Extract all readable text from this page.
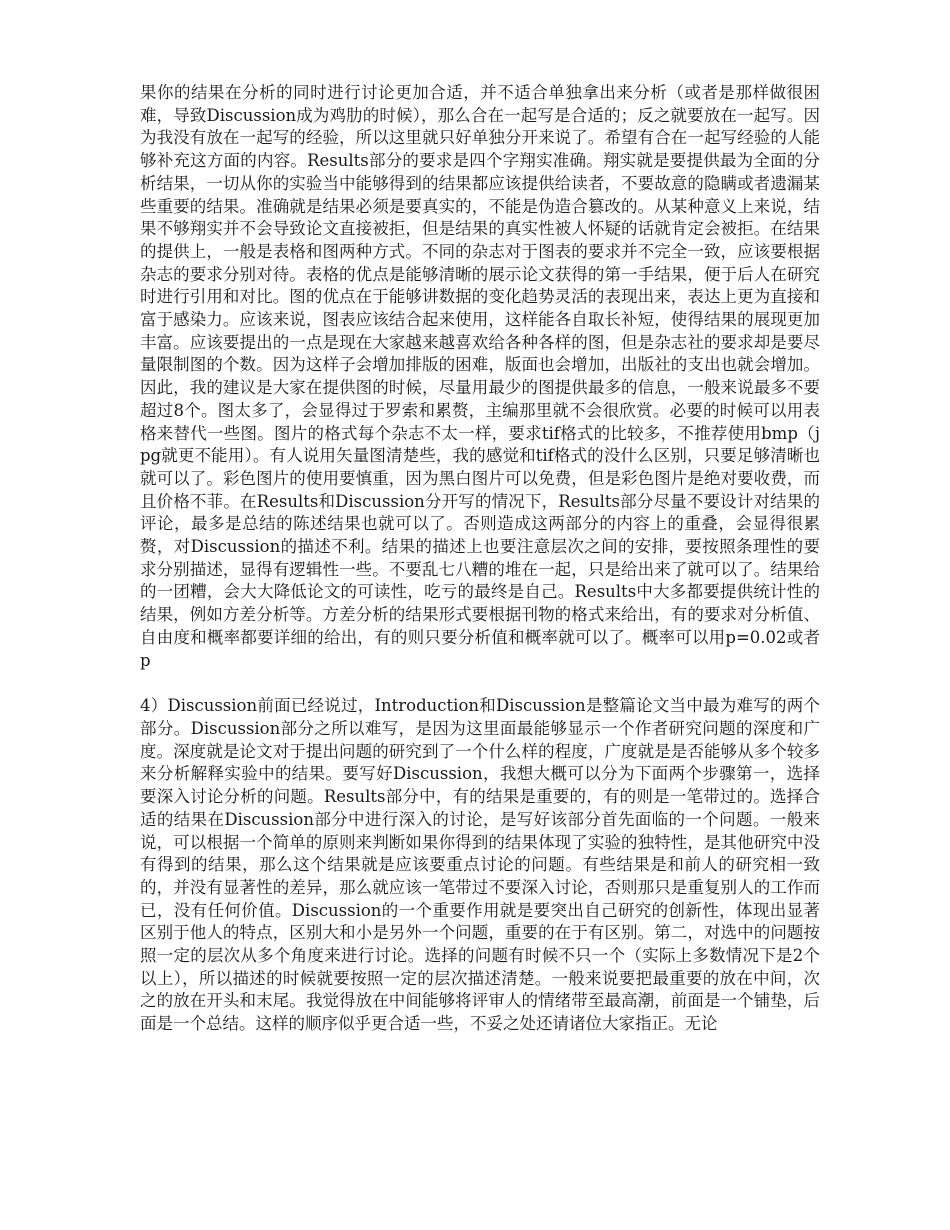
果你的结果在分析的同时进行讨论更加合适，并不适合单独拿出来分析（或者是那样做很困难，导致Discussion成为鸡肋的时候），那么合在一起写是合适的；反之就要放在一起写。因为我没有放在一起写的经验，所以这里就只好单独分开来说了。希望有合在一起写经验的人能够补充这方面的内容。Results部分的要求是四个字翔实准确。翔实就是要提供最为全面的分析结果，一切从你的实验当中能够得到的结果都应该提供给读者，不要故意的隐瞒或者遗漏某些重要的结果。准确就是结果必须是要真实的，不能是伪造合篡改的。从某种意义上来说，结果不够翔实并不会导致论文直接被拒，但是结果的真实性被人怀疑的话就肯定会被拒。在结果的提供上，一般是表格和图两种方式。不同的杂志对于图表的要求并不完全一致，应该要根据杂志的要求分别对待。表格的优点是能够清晰的展示论文获得的第一手结果，便于后人在研究时进行引用和对比。图的优点在于能够讲数据的变化趋势灵活的表现出来，表达上更为直接和富于感染力。应该来说，图表应该结合起来使用，这样能各自取长补短，使得结果的展现更加丰富。应该要提出的一点是现在大家越来越喜欢给各种各样的图，但是杂志社的要求却是要尽量限制图的个数。因为这样子会增加排版的困难，版面也会增加，出版社的支出也就会增加。因此，我的建议是大家在提供图的时候，尽量用最少的图提供最多的信息，一般来说最多不要超过8个。图太多了，会显得过于罗索和累赘，主编那里就不会很欣赏。必要的时候可以用表格来替代一些图。图片的格式每个杂志不太一样，要求tif格式的比较多，不推荐使用bmp（jpg就更不能用）。有人说用矢量图清楚些，我的感觉和tif格式的没什么区别，只要足够清晰也就可以了。彩色图片的使用要慎重，因为黑白图片可以免费，但是彩色图片是绝对要收费，而且价格不菲。在Results和Discussion分开写的情况下，Results部分尽量不要设计对结果的评论，最多是总结的陈述结果也就可以了。否则造成这两部分的内容上的重叠，会显得很累赘，对Discussion的描述不利。结果的描述上也要注意层次之间的安排，要按照条理性的要求分别描述，显得有逻辑性一些。不要乱七八糟的堆在一起，只是给出来了就可以了。结果给的一团糟，会大大降低论文的可读性，吃亏的最终是自己。Results中大多都要提供统计性的结果，例如方差分析等。方差分析的结果形式要根据刊物的格式来给出，有的要求对分析值、自由度和概率都要详细的给出，有的则只要分析值和概率就可以了。概率可以用p=0.02或者p

4）Discussion前面已经说过，Introduction和Discussion是整篇论文当中最为难写的两个部分。Discussion部分之所以难写，是因为这里面最能够显示一个作者研究问题的深度和广度。深度就是论文对于提出问题的研究到了一个什么样的程度，广度就是是否能够从多个较多来分析解释实验中的结果。要写好Discussion，我想大概可以分为下面两个步骤第一，选择要深入讨论分析的问题。Results部分中，有的结果是重要的，有的则是一笔带过的。选择合适的结果在Discussion部分中进行深入的讨论，是写好该部分首先面临的一个问题。一般来说，可以根据一个简单的原则来判断如果你得到的结果体现了实验的独特性，是其他研究中没有得到的结果，那么这个结果就是应该要重点讨论的问题。有些结果是和前人的研究相一致的，并没有显著性的差异，那么就应该一笔带过不要深入讨论，否则那只是重复别人的工作而已，没有任何价值。Discussion的一个重要作用就是要突出自己研究的创新性，体现出显著区别于他人的特点，区别大和小是另外一个问题，重要的在于有区别。第二，对选中的问题按照一定的层次从多个角度来进行讨论。选择的问题有时候不只一个（实际上多数情况下是2个以上），所以描述的时候就要按照一定的层次描述清楚。一般来说要把最重要的放在中间，次之的放在开头和末尾。我觉得放在中间能够将评审人的情绪带至最高潮，前面是一个铺垫，后面是一个总结。这样的顺序似乎更合适一些，不妥之处还请诸位大家指正。无论
